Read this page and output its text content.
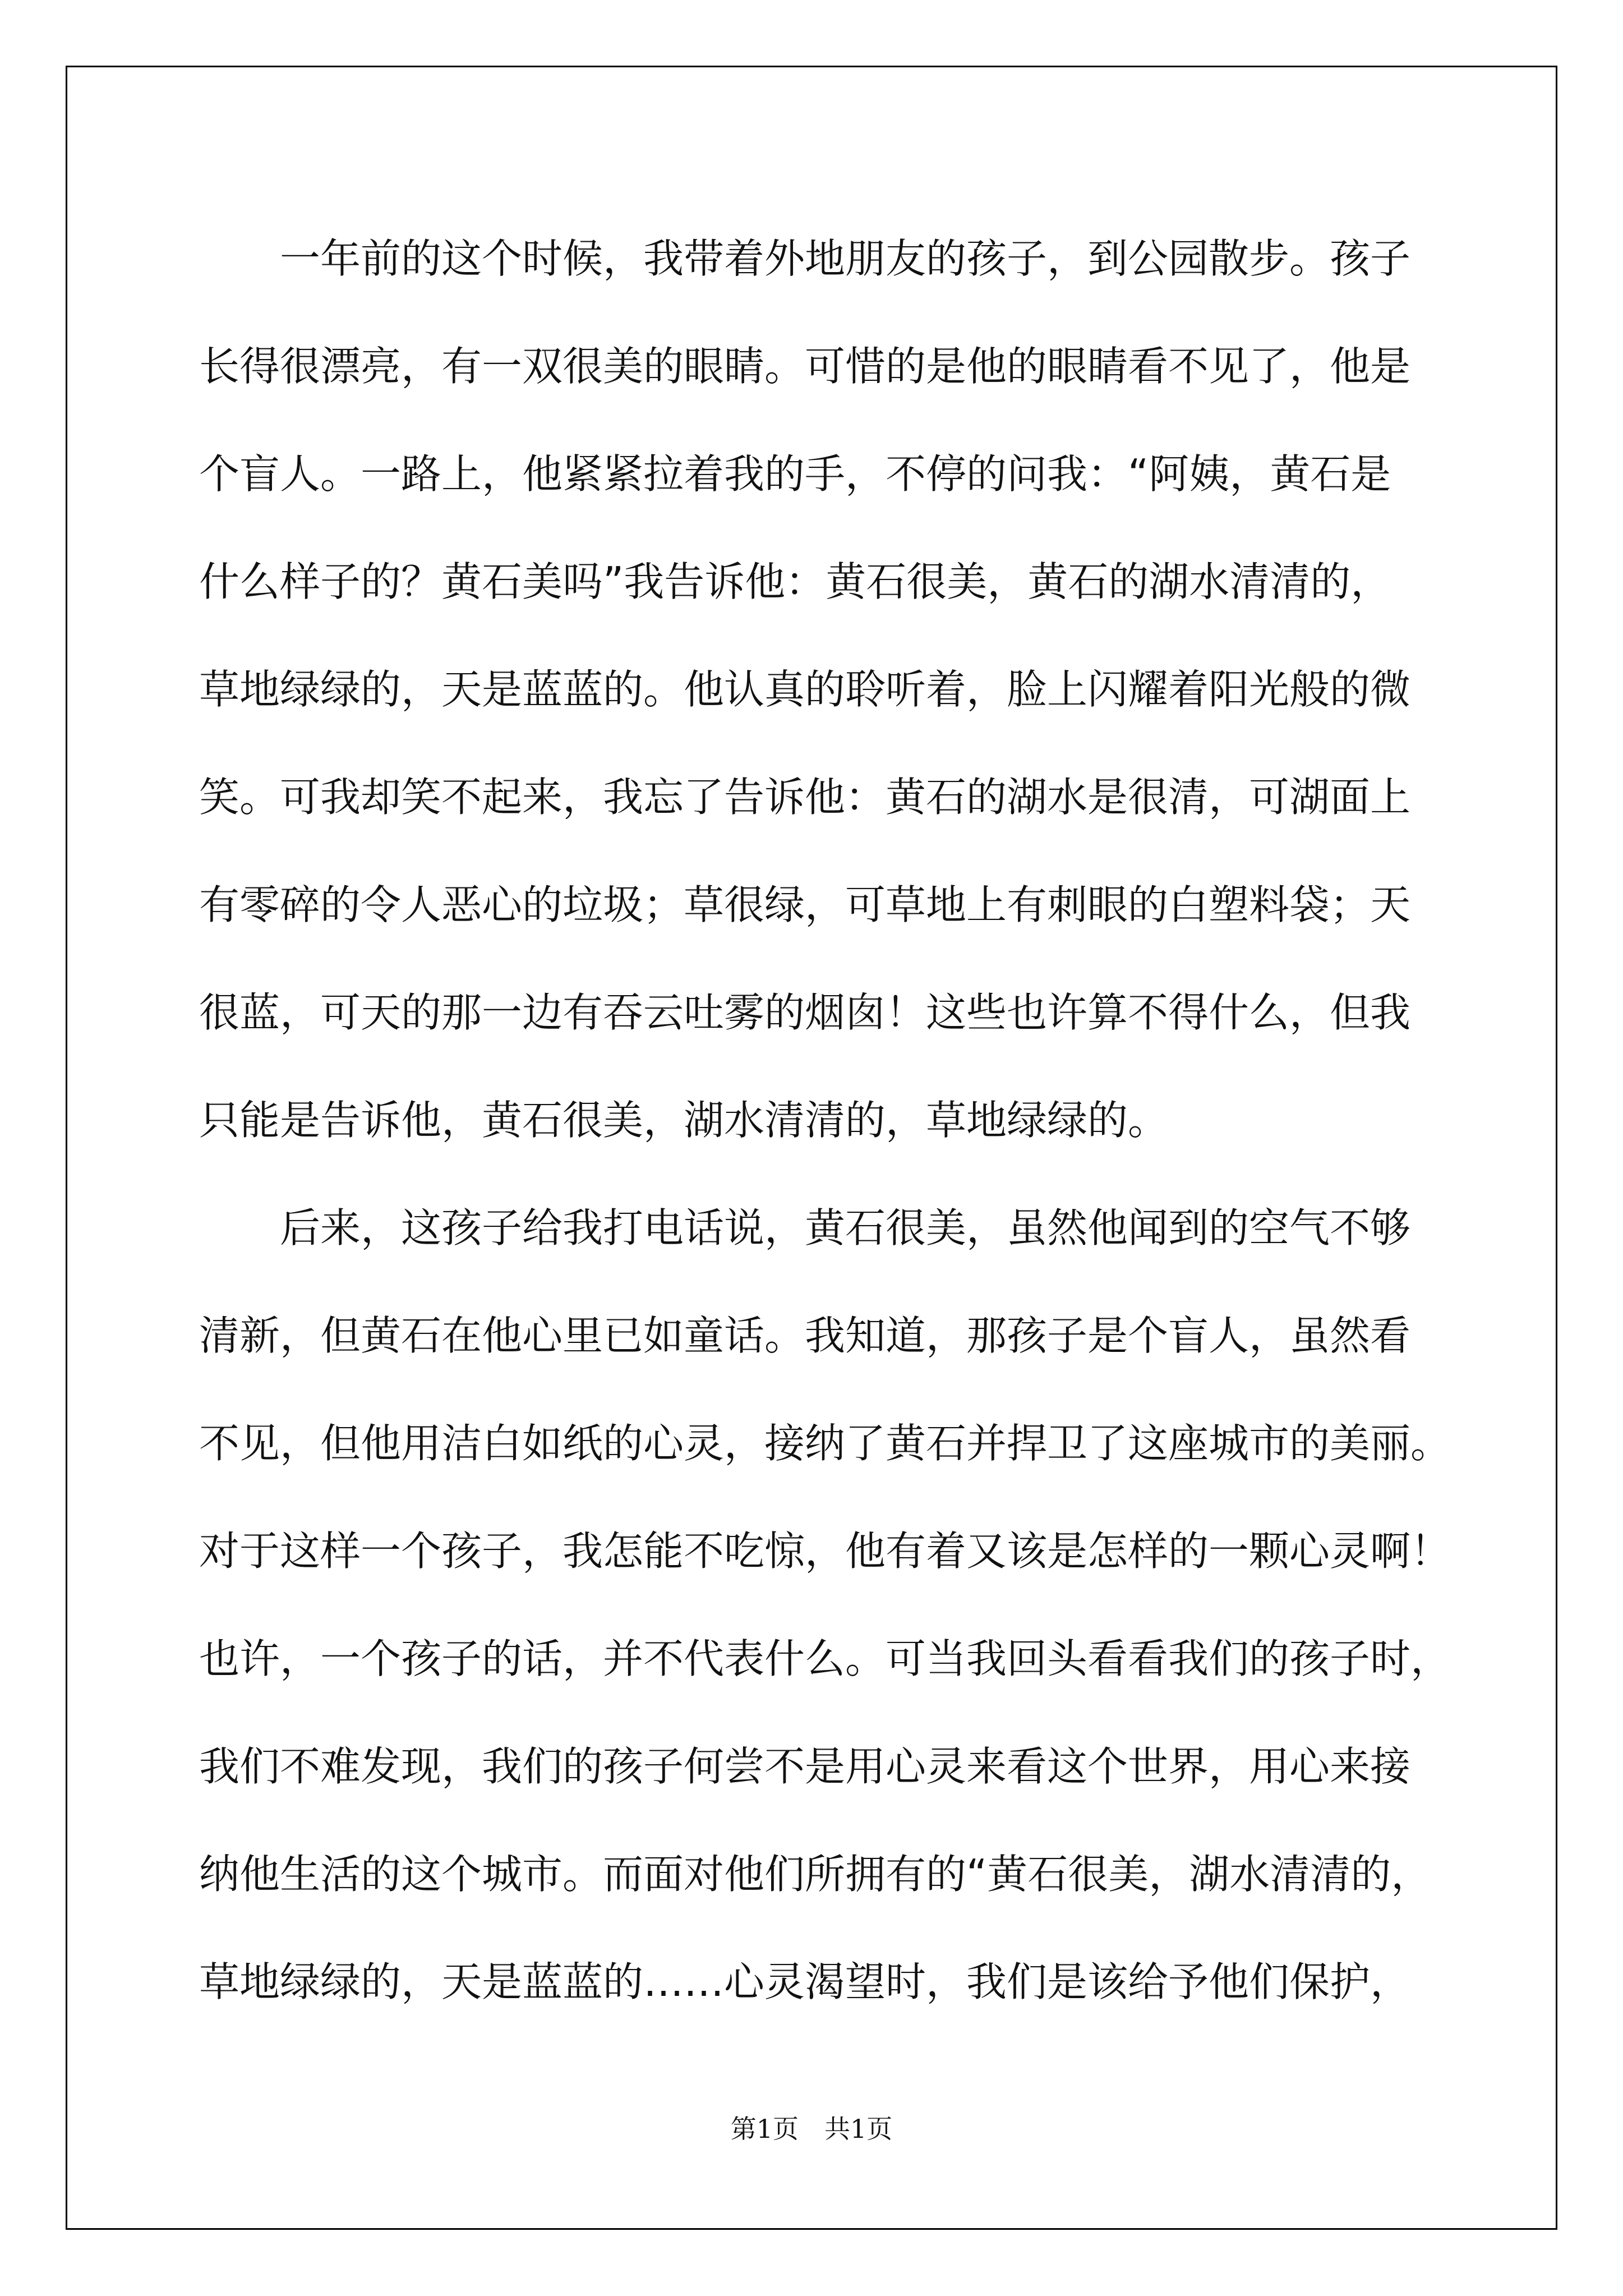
一年前的这个时候，我带着外地朋友的孩子，到公园散步。孩子
长得很漂亮，有一双很美的眼睛。可惜的是他的眼睛看不见了，他是
个盲人。一路上，他紧紧拉着我的手，不停的问我：“阿姨，黄石是
什么样子的？黄石美吗”我告诉他：黄石很美，黄石的湖水清清的，
草地绿绿的，天是蓝蓝的。他认真的聆听着，脸上闪耀着阳光般的微
笑。可我却笑不起来，我忘了告诉他：黄石的湖水是很清，可湖面上
有零碎的令人恶心的垃圾；草很绿，可草地上有刺眼的白塑料袋；天
很蓝，可天的那一边有吞云吐雾的烟囱！这些也许算不得什么，但我
只能是告诉他，黄石很美，湖水清清的，草地绿绿的。
后来，这孩子给我打电话说，黄石很美，虽然他闻到的空气不够
清新，但黄石在他心里已如童话。我知道，那孩子是个盲人，虽然看
不见，但他用洁白如纸的心灵，接纳了黄石并捍卫了这座城市的美丽。
对于这样一个孩子，我怎能不吃惊，他有着又该是怎样的一颗心灵啊！
也许，一个孩子的话，并不代表什么。可当我回头看看我们的孩子时，
我们不难发现，我们的孩子何尝不是用心灵来看这个世界，用心来接
纳他生活的这个城市。而面对他们所拥有的“黄石很美，湖水清清的，
草地绿绿的，天是蓝蓝的……心灵渴望时，我们是该给予他们保护，
第1页　共1页
